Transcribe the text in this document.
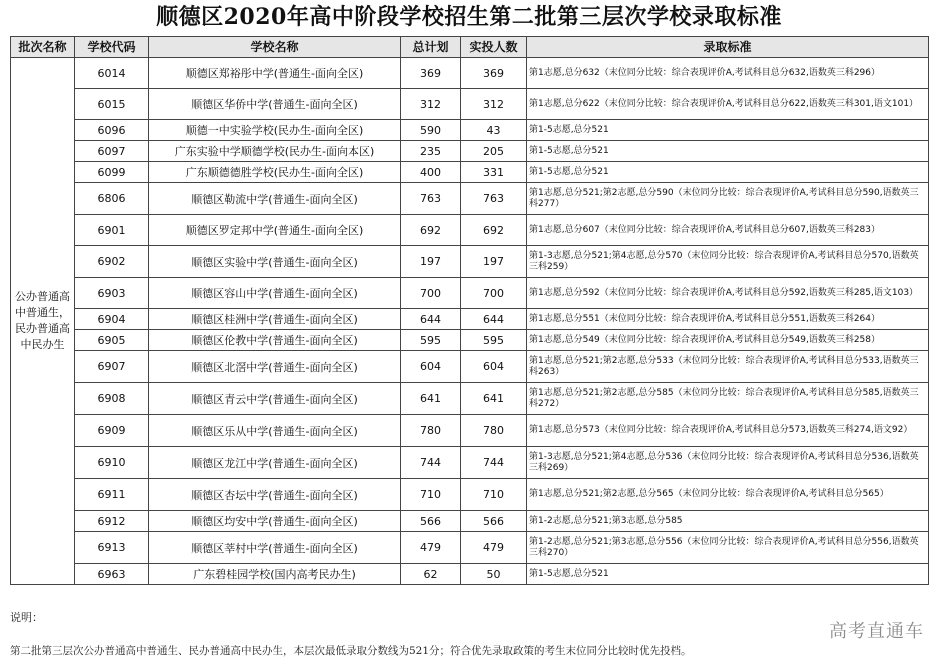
顺德区2020年高中阶段学校招生第二批第三层次学校录取标准
批次名称	学校代码	学校名称	总计划	实投人数	录取标准
公办普通高中普通生，民办普通高中民办生	6014	顺德区郑裕彤中学(普通生-面向全区)	369	369	第1志愿,总分632（末位同分比较：综合表现评价A,考试科目总分632,语数英三科296）
	6015	顺德区华侨中学(普通生-面向全区)	312	312	第1志愿,总分622（末位同分比较：综合表现评价A,考试科目总分622,语数英三科301,语文101）
	6096	顺德一中实验学校(民办生-面向全区)	590	43	第1-5志愿,总分521
	6097	广东实验中学顺德学校(民办生-面向本区)	235	205	第1-5志愿,总分521
	6099	广东顺德德胜学校(民办生-面向全区)	400	331	第1-5志愿,总分521
	6806	顺德区勒流中学(普通生-面向全区)	763	763	第1志愿,总分521;第2志愿,总分590（末位同分比较：综合表现评价A,考试科目总分590,语数英三科277）
	6901	顺德区罗定邦中学(普通生-面向全区)	692	692	第1志愿,总分607（末位同分比较：综合表现评价A,考试科目总分607,语数英三科283）
	6902	顺德区实验中学(普通生-面向全区)	197	197	第1-3志愿,总分521;第4志愿,总分570（末位同分比较：综合表现评价A,考试科目总分570,语数英三科259）
	6903	顺德区容山中学(普通生-面向全区)	700	700	第1志愿,总分592（末位同分比较：综合表现评价A,考试科目总分592,语数英三科285,语文103）
	6904	顺德区桂洲中学(普通生-面向全区)	644	644	第1志愿,总分551（末位同分比较：综合表现评价A,考试科目总分551,语数英三科264）
	6905	顺德区伦教中学(普通生-面向全区)	595	595	第1志愿,总分549（末位同分比较：综合表现评价A,考试科目总分549,语数英三科258）
	6907	顺德区北滘中学(普通生-面向全区)	604	604	第1志愿,总分521;第2志愿,总分533（末位同分比较：综合表现评价A,考试科目总分533,语数英三科263）
	6908	顺德区青云中学(普通生-面向全区)	641	641	第1志愿,总分521;第2志愿,总分585（末位同分比较：综合表现评价A,考试科目总分585,语数英三科272）
	6909	顺德区乐从中学(普通生-面向全区)	780	780	第1志愿,总分573（末位同分比较：综合表现评价A,考试科目总分573,语数英三科274,语文92）
	6910	顺德区龙江中学(普通生-面向全区)	744	744	第1-3志愿,总分521;第4志愿,总分536（末位同分比较：综合表现评价A,考试科目总分536,语数英三科269）
	6911	顺德区杏坛中学(普通生-面向全区)	710	710	第1志愿,总分521;第2志愿,总分565（末位同分比较：综合表现评价A,考试科目总分565）
	6912	顺德区均安中学(普通生-面向全区)	566	566	第1-2志愿,总分521;第3志愿,总分585
	6913	顺德区莘村中学(普通生-面向全区)	479	479	第1-2志愿,总分521;第3志愿,总分556（末位同分比较：综合表现评价A,考试科目总分556,语数英三科270）
	6963	广东碧桂园学校(国内高考民办生)	62	50	第1-5志愿,总分521
说明：
高考直通车
第二批第三层次公办普通高中普通生、民办普通高中民办生，本层次最低录取分数线为521分；符合优先录取政策的考生末位同分比较时优先投档。
